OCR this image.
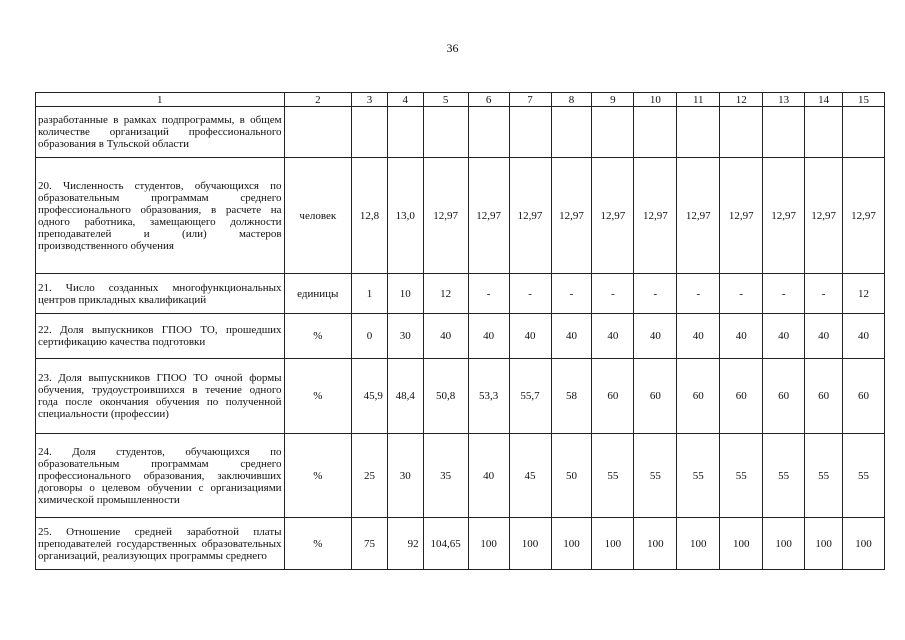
36
1	2	3	4	5	6	7	8	9	10	11	12	13	14	15
разработанные в рамках подпрограммы, в общем количестве организаций профессионального образования в Тульской области														
20. Численность студентов, обучающихся по образовательным программам среднего профессионального образования, в расчете на одного работника, замещающего должности преподавателей и (или) мастеров производственного обучения	человек	12,8	13,0	12,97	12,97	12,97	12,97	12,97	12,97	12,97	12,97	12,97	12,97	12,97
21. Число созданных многофункциональных центров прикладных квалификаций	единицы	1	10	12	-	-	-	-	-	-	-	-	-	12
22. Доля выпускников ГПОО ТО, прошедших сертификацию качества подготовки	%	0	30	40	40	40	40	40	40	40	40	40	40	40
23. Доля выпускников ГПОО ТО очной формы обучения, трудоустроившихся в течение одного года после окончания обучения по полученной специальности (профессии)	%	45,9	48,4	50,8	53,3	55,7	58	60	60	60	60	60	60	60
24. Доля студентов, обучающихся по образовательным программам среднего профессионального образования, заключивших договоры о целевом обучении с организациями химической промышленности	%	25	30	35	40	45	50	55	55	55	55	55	55	55
25. Отношение средней заработной платы преподавателей государственных образовательных организаций, реализующих программы среднего	%	75	92	104,65	100	100	100	100	100	100	100	100	100	100
